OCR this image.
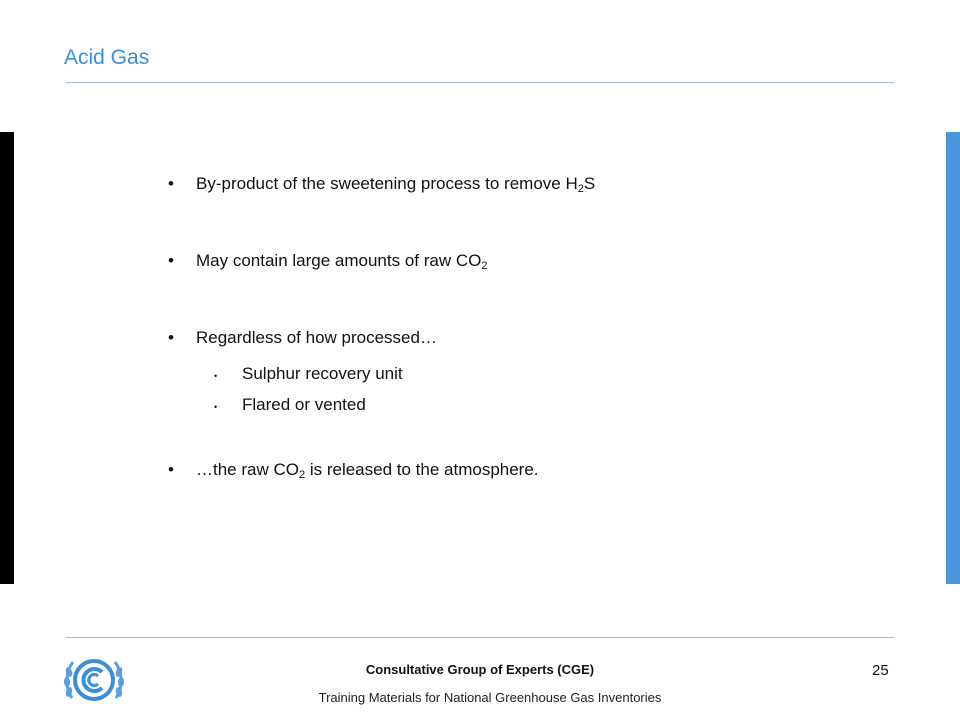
Acid Gas
•	By-product of the sweetening process to remove $H_2S$
•	May contain large amounts of raw $CO_2$
•	Regardless of how processed…
•	Sulphur recovery unit
•	Flared or vented
•	…the raw $CO_2$ is released to the atmosphere.
Consultative Group of Experts (CGE)
Training Materials for National Greenhouse Gas Inventories
25
